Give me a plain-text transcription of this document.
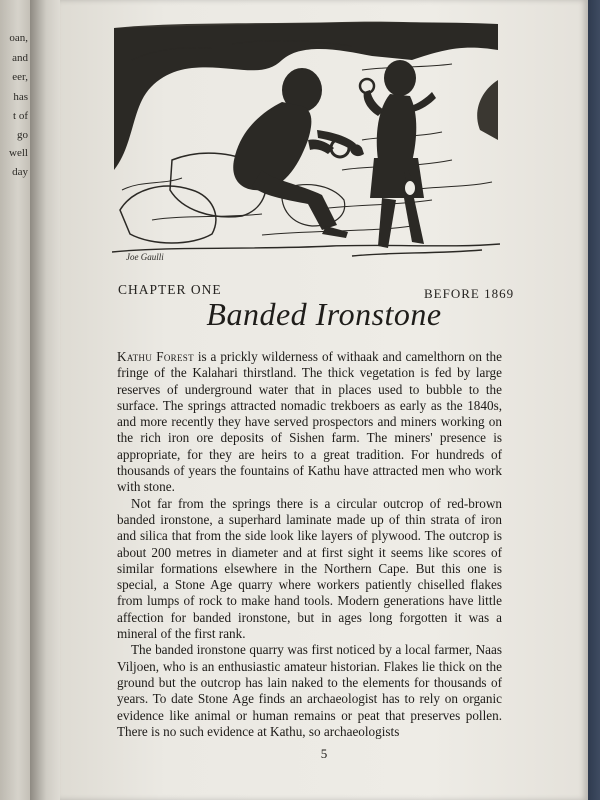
oan,
and
eer,
has
t of
go
well
day
Joe Gaulli
CHAPTER ONE	BEFORE 1869
Banded Ironstone

Kathu Forest is a prickly wilderness of withaak and camelthorn on the fringe of the Kalahari thirstland. The thick vegetation is fed by large reserves of underground water that in places used to bubble to the surface. The springs attracted nomadic trekboers as early as the 1840s, and more recently they have served prospectors and miners working on the rich iron ore deposits of Sishen farm. The miners' presence is appropriate, for they are heirs to a great tradition. For hundreds of thousands of years the fountains of Kathu have attracted men who work with stone.

Not far from the springs there is a circular outcrop of red-brown banded ironstone, a superhard laminate made up of thin strata of iron and silica that from the side look like layers of plywood. The outcrop is about 200 metres in diameter and at first sight it seems like scores of similar formations elsewhere in the Northern Cape. But this one is special, a Stone Age quarry where workers patiently chiselled flakes from lumps of rock to make hand tools. Modern generations have little affection for banded ironstone, but in ages long forgotten it was a mineral of the first rank.

The banded ironstone quarry was first noticed by a local farmer, Naas Viljoen, who is an enthusiastic amateur historian. Flakes lie thick on the ground but the outcrop has lain naked to the elements for thousands of years. To date Stone Age finds an archaeologist has to rely on organic evidence like animal or human remains or peat that preserves pollen. There is no such evidence at Kathu, so archaeologists

5
